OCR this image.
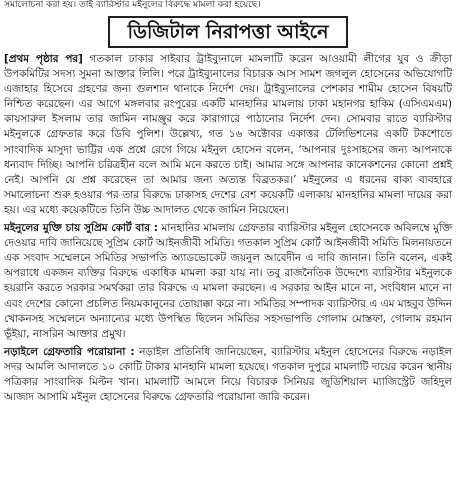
সমালোচনা করা হয়। তাই ব্যারিস্টার মইনুলের বিরুদ্ধে মামলা করা হয়েছে।
ডিজিটাল নিরাপত্তা আইনে

[প্রথম পৃষ্ঠার পর] গতকাল ঢাকার সাইবার ট্রাইব্যুনালে মামলাটি করেন আওয়ামী লীগের যুব ও ক্রীড়া উপকমিটির সদস্য সুমনা আক্তার লিলি। পরে ট্রাইব্যুনালের বিচারক আস সামশ জগলুল হোসেনের অভিযোগটি এজাহার হিসেবে গ্রহণের জন্য গুলশান থানাকে নির্দেশ দেয়। ট্রাইব্যুনালের পেশকার শামীম হোসেন বিষয়টি নিশ্চিত করেছেন। এর আগে মঙ্গলবার রংপুরের একটি মানহানির মামলায় ঢাকা মহানগর হাকিম (এসিএমএম) কায়সারুল ইসলাম তার জামিন নামঞ্জুর করে কারাগারে পাঠানোর নির্দেশ দেন। সোমবার রাতে ব্যারিস্টার মইনুলকে গ্রেফতার করে ডিবি পুলিশ। উল্লেখ্য, গত ১৬ অক্টোবর একাত্তর টেলিভিশনের একটি টকশোতে সাংবাদিক মাসুদা ভাট্টির এক প্রশ্নে রেগে গিয়ে মইনুল হোসেন বলেন, ‘আপনার দুঃসাহসের জন্য আপনাকে ধন্যবাদ দিচ্ছি। আপনি চরিত্রহীন বলে আমি মনে করতে চাই। আমার সঙ্গে আপনার কানেকশনের কোনো প্রশ্নই নেই। আপনি যে প্রশ্ন করেছেন তা আমার জন্য অত্যন্ত বিব্রতকর।’ মইনুলের এ ধরনের বাক্য ব্যবহারে সমালোচনা শুরু হওয়ার পর তার বিরুদ্ধে ঢাকাসহ দেশের বেশ কয়েকটি এলাকায় মানহানির মামলা দায়ের করা হয়। এর মধ্যে কয়েকটিতে তিনি উচ্চ আদালত থেকে জামিন নিয়েছেন।

মইনুলের মুক্তি চায় সুপ্রিম কোর্ট বার : মানহানির মামলায় গ্রেফতার ব্যারিস্টার মইনুল হোসেনকে অবিলম্বে মুক্তি দেওয়ার দাবি জানিয়েছে সুপ্রিম কোর্ট আইনজীবী সমিতি। গতকাল সুপ্রিম কোর্ট আইনজীবী সমিতি মিলনায়তনে এক সংবাদ সম্মেলনে সমিতির সভাপতি অ্যাডভোকেট জয়নুল আবেদীন এ দাবি জানান। তিনি বলেন, একই অপরাধে একজন ব্যক্তির বিরুদ্ধে একাধিক মামলা করা যায় না। তবু রাজনৈতিক উদ্দেশ্যে ব্যারিস্টার মইনুলকে হয়রানি করতে সরকার সমর্থকরা তার বিরুদ্ধে এ মামলা করছেন। এ সরকার আইন মানে না, সংবিধান মানে না এবং দেশের কোনো প্রচলিত নিয়মকানুনের তোয়াক্কা করে না। সমিতির সম্পাদক ব্যারিস্টার এ এম মাহবুব উদ্দিন খোকনসহ সম্মেলনে অন্যান্যের মধ্যে উপস্থিত ছিলেন সমিতির সহসভাপতি গোলাম মোস্তফা, গোলাম রহমান ভূঁইয়া, নাসরিন আক্তার প্রমুখ।

নড়াইলে গ্রেফতারি পরোয়ানা : নড়াইল প্রতিনিধি জানিয়েছেন, ব্যারিস্টার মইনুল হোসেনের বিরুদ্ধে নড়াইল সদর আমলি আদালতে ১০ কোটি টাকার মানহানি মামলা হয়েছে। গতকাল দুপুরে মামলাটি দায়ের করেন স্থানীয় পত্রিকার সাংবাদিক মিল্টন খান। মামলাটি আমলে নিয়ে বিচারক সিনিয়র জুডিশিয়াল ম্যাজিস্ট্রেট জহিদুল আজাদ আসামি মইনুল হোসেনের বিরুদ্ধে গ্রেফতারি পরোয়ানা জারি করেন।
